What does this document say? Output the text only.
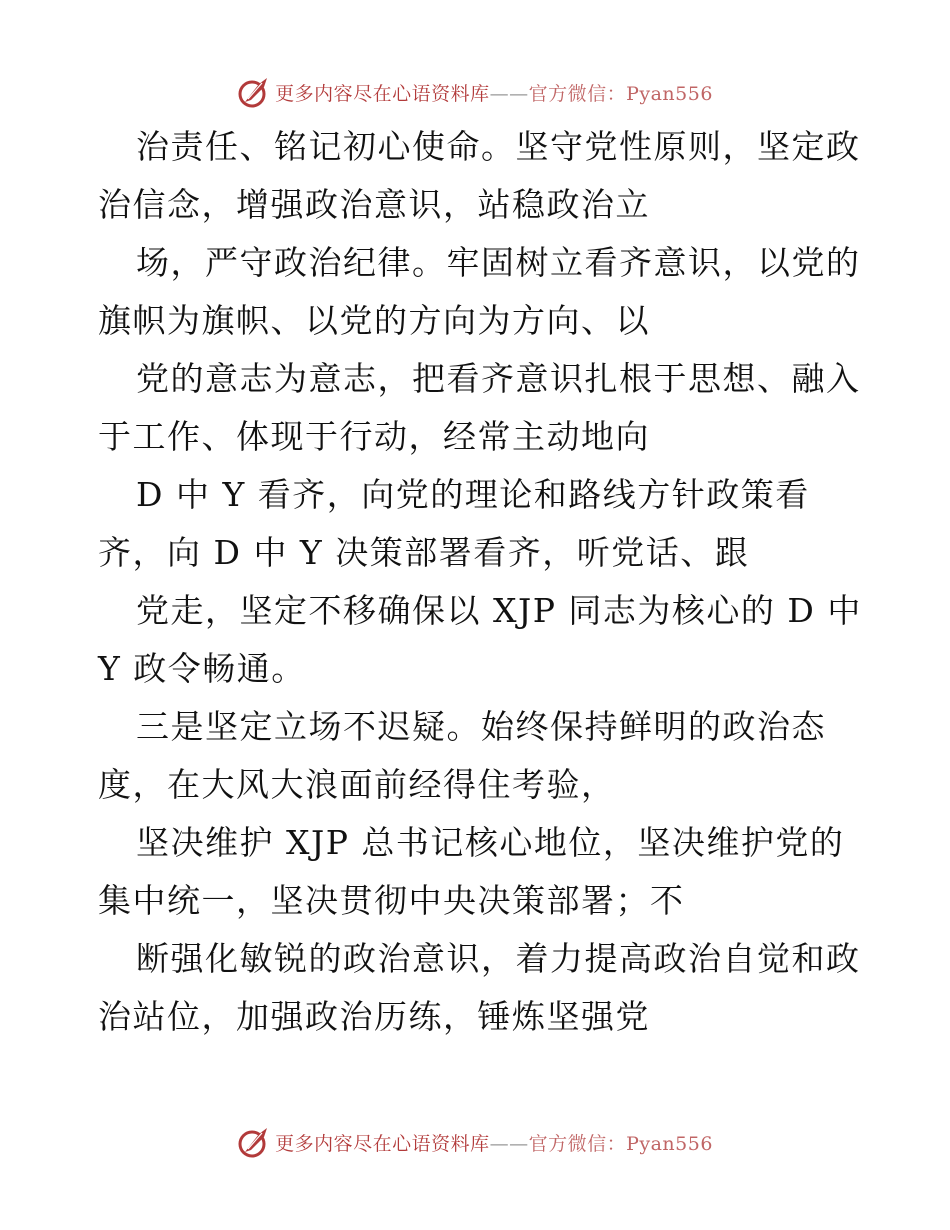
更多内容尽在心语资料库——官方微信：Pyan556
治责任、铭记初心使命。坚守党性原则，坚定政
治信念，增强政治意识，站稳政治立
场，严守政治纪律。牢固树立看齐意识，以党的
旗帜为旗帜、以党的方向为方向、以
党的意志为意志，把看齐意识扎根于思想、融入
于工作、体现于行动，经常主动地向
D 中 Y 看齐，向党的理论和路线方针政策看
齐，向 D 中 Y 决策部署看齐，听党话、跟
党走，坚定不移确保以 XJP 同志为核心的 D 中
Y 政令畅通。
三是坚定立场不迟疑。始终保持鲜明的政治态
度，在大风大浪面前经得住考验，
坚决维护 XJP 总书记核心地位，坚决维护党的
集中统一，坚决贯彻中央决策部署；不
断强化敏锐的政治意识，着力提高政治自觉和政
治站位，加强政治历练，锤炼坚强党
更多内容尽在心语资料库——官方微信：Pyan556
